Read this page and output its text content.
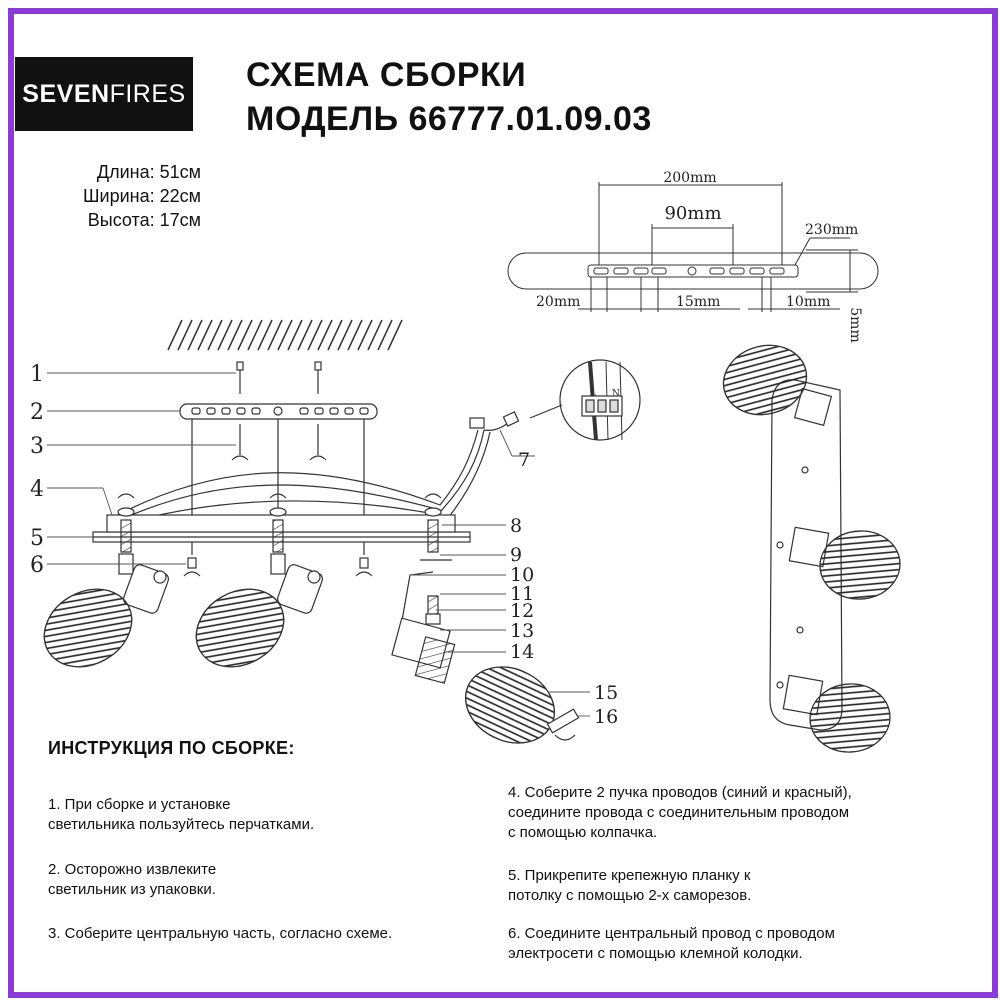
SEVEN FIRES СХЕМА СБОРКИ
МОДЕЛЬ 66777.01.09.03
Длина: 51см
Ширина: 22см
Высота: 17см
200mm
90mm
230mm
20mm	15mm	10mm
5mm
1
2
3
4
5
6
7
8
9
10
11
12
13
14
15
16
L N
ИНСТРУКЦИЯ ПО СБОРКЕ:
1. При сборке и установке
светильника пользуйтесь перчатками.
2. Осторожно извлеките
светильник из упаковки.
3. Соберите центральную часть, согласно схеме.
4. Соберите 2 пучка проводов (синий и красный),
соедините провода с соединительным проводом
с помощью колпачка.
5. Прикрепите крепежную планку к
потолку с помощью 2-х саморезов.
6. Соедините центральный провод с проводом
электросети с помощью клемной колодки.
